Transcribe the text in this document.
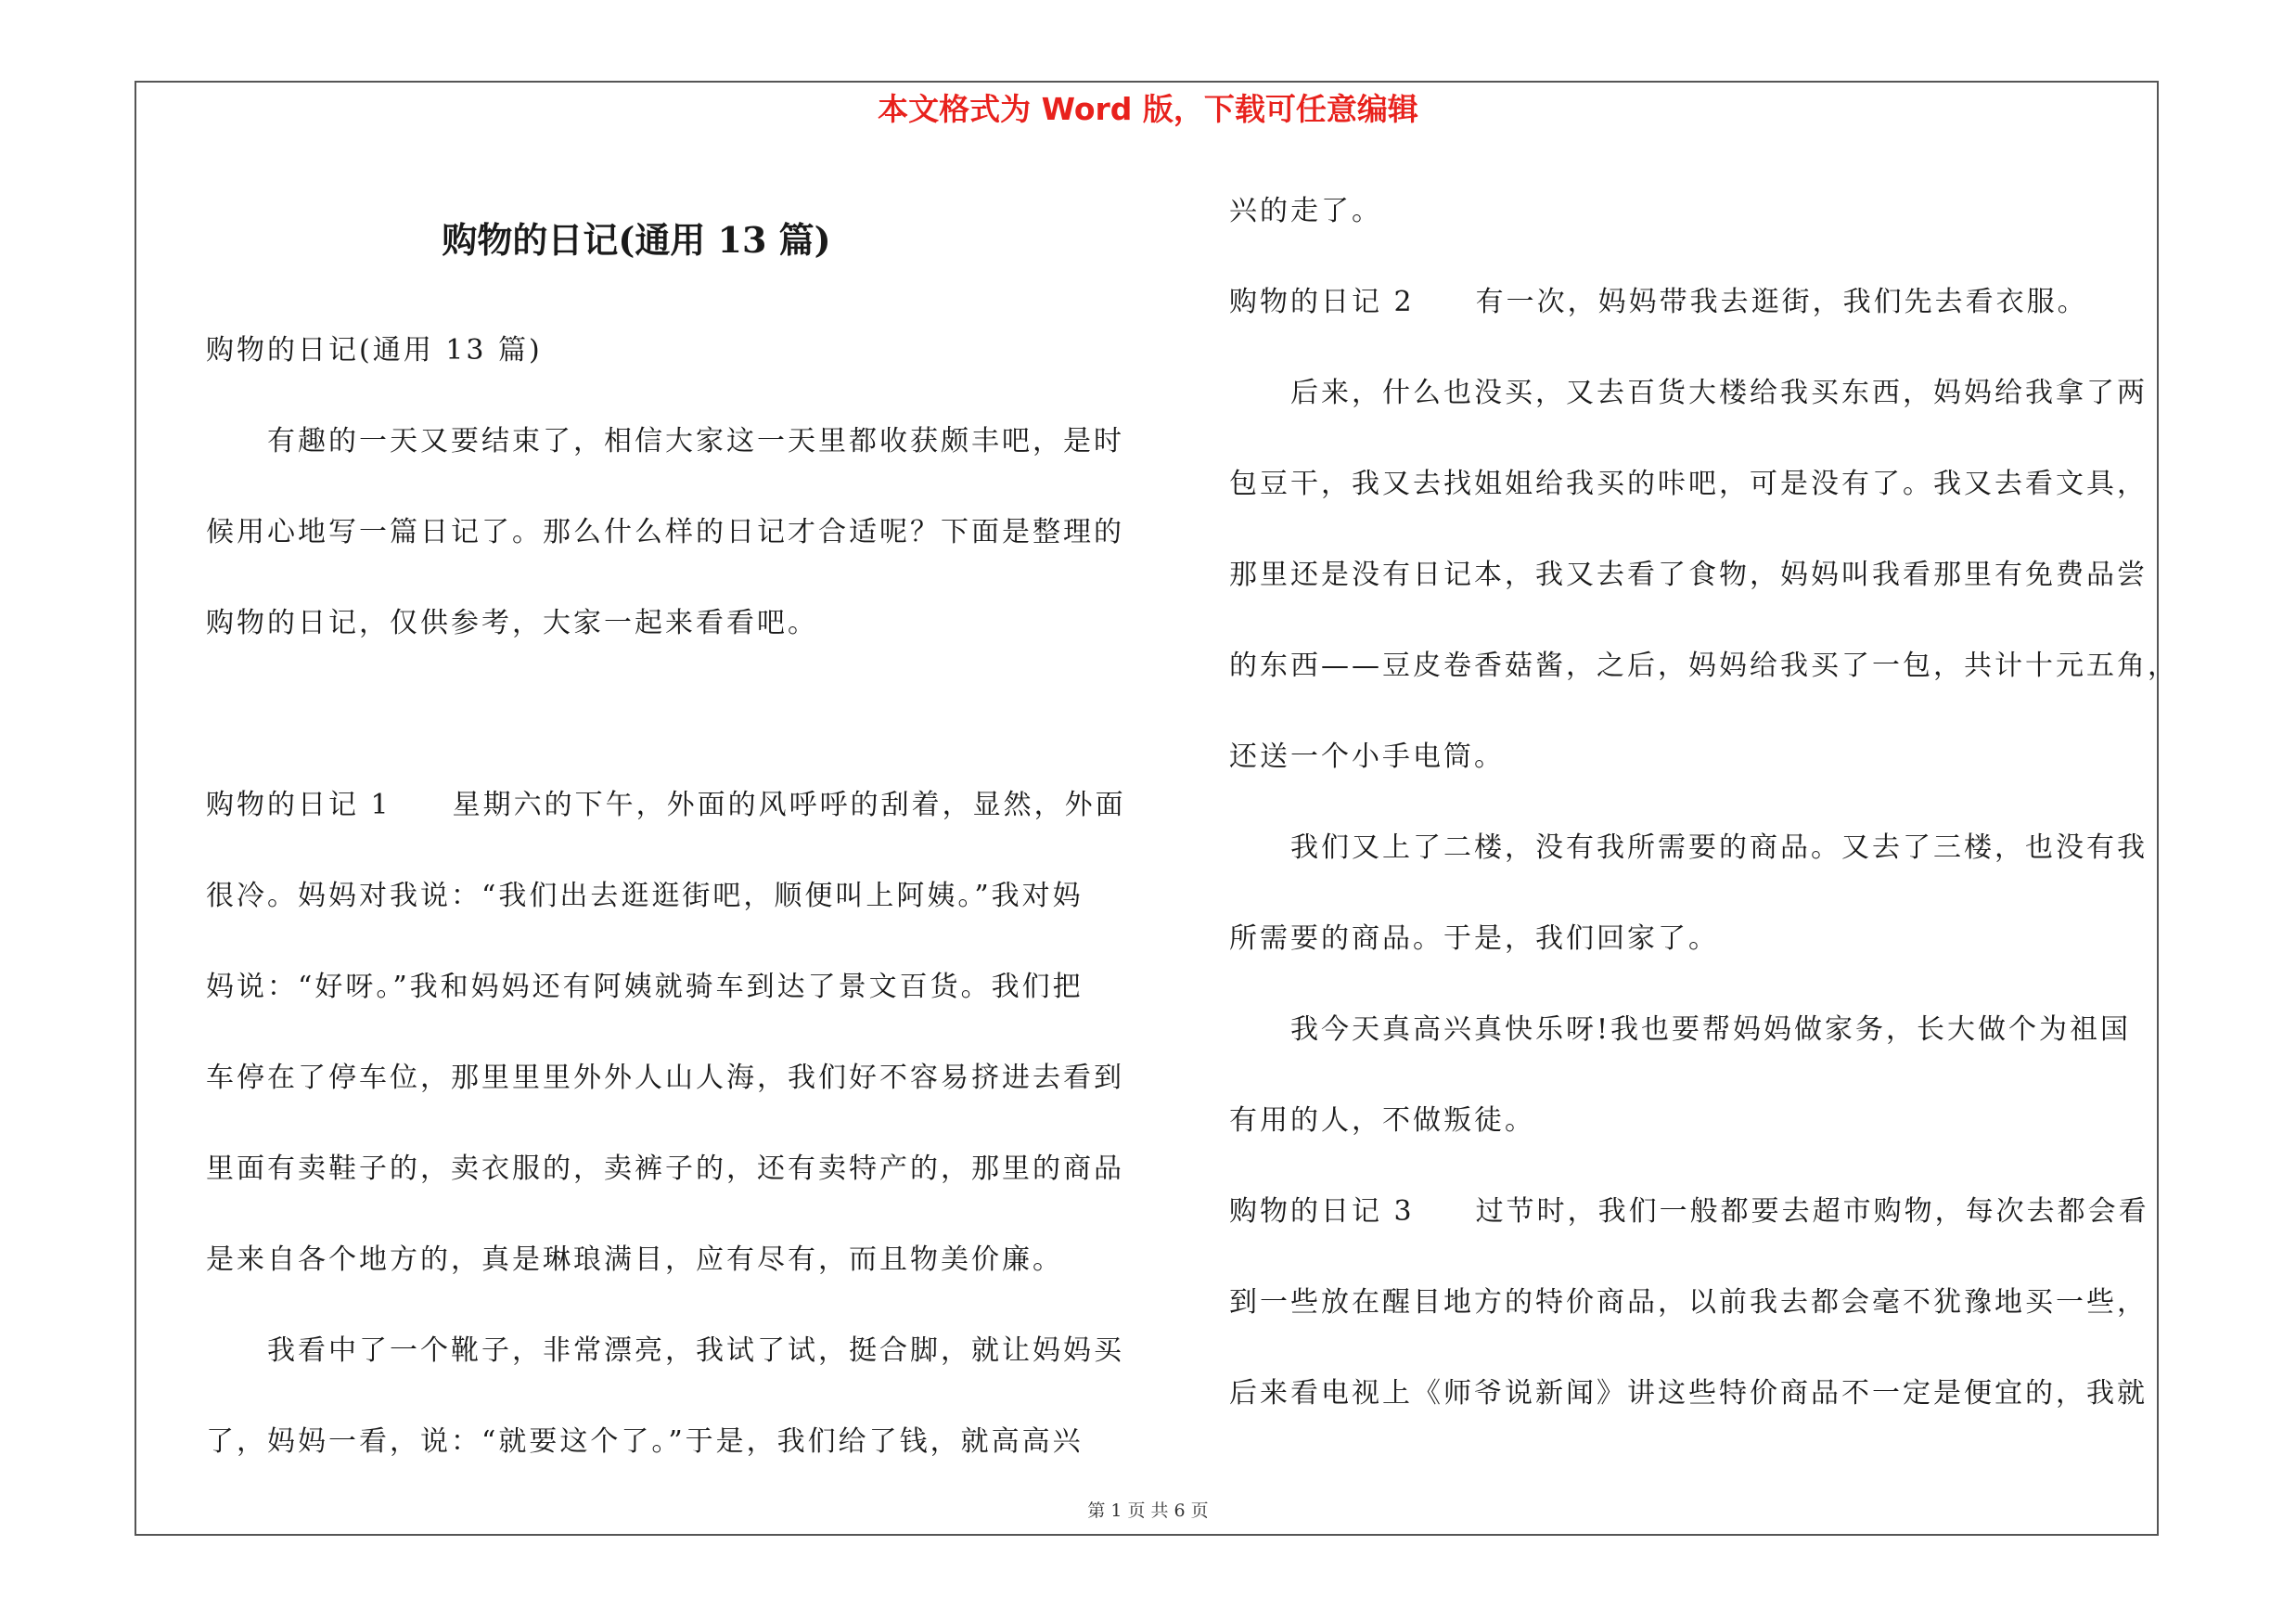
本文格式为 Word 版，下载可任意编辑
购物的日记(通用 13 篇)
购物的日记(通用 13 篇)
　　有趣的一天又要结束了，相信大家这一天里都收获颇丰吧，是时
候用心地写一篇日记了。那么什么样的日记才合适呢？下面是整理的
购物的日记，仅供参考，大家一起来看看吧。
购物的日记 1　　星期六的下午，外面的风呼呼的刮着，显然，外面
很冷。妈妈对我说：“我们出去逛逛街吧，顺便叫上阿姨。”我对妈
妈说：“好呀。”我和妈妈还有阿姨就骑车到达了景文百货。我们把
车停在了停车位，那里里里外外人山人海，我们好不容易挤进去看到
里面有卖鞋子的，卖衣服的，卖裤子的，还有卖特产的，那里的商品
是来自各个地方的，真是琳琅满目，应有尽有，而且物美价廉。
　　我看中了一个靴子，非常漂亮，我试了试，挺合脚，就让妈妈买
了，妈妈一看，说：“就要这个了。”于是，我们给了钱，就高高兴
兴的走了。
购物的日记 2　　有一次，妈妈带我去逛街，我们先去看衣服。
　　后来，什么也没买，又去百货大楼给我买东西，妈妈给我拿了两
包豆干，我又去找姐姐给我买的咔吧，可是没有了。我又去看文具，
那里还是没有日记本，我又去看了食物，妈妈叫我看那里有免费品尝
的东西——豆皮卷香菇酱，之后，妈妈给我买了一包，共计十元五角，
还送一个小手电筒。
　　我们又上了二楼，没有我所需要的商品。又去了三楼，也没有我
所需要的商品。于是，我们回家了。
　　我今天真高兴真快乐呀!我也要帮妈妈做家务，长大做个为祖国
有用的人，不做叛徒。
购物的日记 3　　过节时，我们一般都要去超市购物，每次去都会看
到一些放在醒目地方的特价商品，以前我去都会毫不犹豫地买一些，
后来看电视上《师爷说新闻》讲这些特价商品不一定是便宜的，我就
第 1 页 共 6 页
